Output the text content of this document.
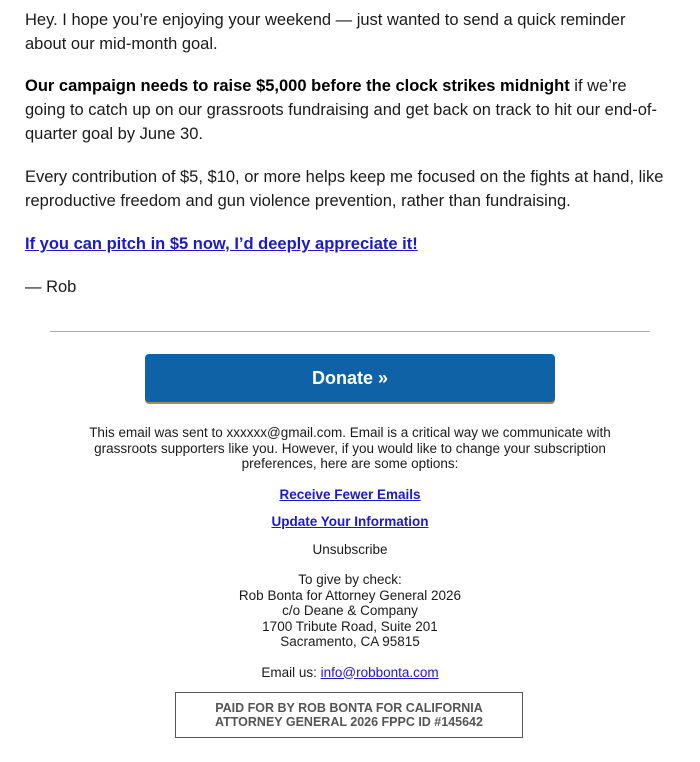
Hey. I hope you’re enjoying your weekend — just wanted to send a quick reminder about our mid-month goal.

Our campaign needs to raise $5,000 before the clock strikes midnight if we’re going to catch up on our grassroots fundraising and get back on track to hit our end-of-quarter goal by June 30.

Every contribution of $5, $10, or more helps keep me focused on the fights at hand, like reproductive freedom and gun violence prevention, rather than fundraising.

If you can pitch in $5 now, I’d deeply appreciate it!

— Rob

Donate »
This email was sent to xxxxxx@gmail.com. Email is a critical way we communicate with grassroots supporters like you. However, if you would like to change your subscription preferences, here are some options:
Receive Fewer Emails
Update Your Information
Unsubscribe
To give by check:
Rob Bonta for Attorney General 2026
c/o Deane & Company
1700 Tribute Road, Suite 201
Sacramento, CA 95815
Email us: info@robbonta.com
PAID FOR BY ROB BONTA FOR CALIFORNIA ATTORNEY GENERAL 2026 FPPC ID #145642
